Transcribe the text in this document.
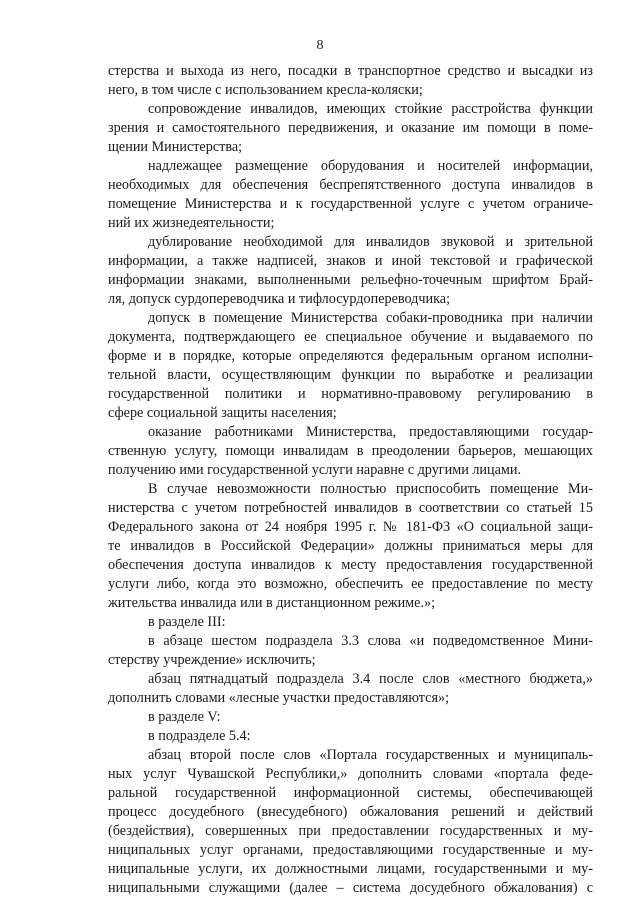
8
стерства и выхода из него, посадки в транспортное средство и высадки из
него, в том числе с использованием кресла-коляски;
сопровождение инвалидов, имеющих стойкие расстройства функции
зрения и самостоятельного передвижения, и оказание им помощи в поме-
щении Министерства;
надлежащее размещение оборудования и носителей информации,
необходимых для обеспечения беспрепятственного доступа инвалидов в
помещение Министерства и к государственной услуге с учетом ограниче-
ний их жизнедеятельности;
дублирование необходимой для инвалидов звуковой и зрительной
информации, а также надписей, знаков и иной текстовой и графической
информации знаками, выполненными рельефно-точечным шрифтом Брай-
ля, допуск сурдопереводчика и тифлосурдопереводчика;
допуск в помещение Министерства собаки-проводника при наличии
документа, подтверждающего ее специальное обучение и выдаваемого по
форме и в порядке, которые определяются федеральным органом исполни-
тельной власти, осуществляющим функции по выработке и реализации
государственной политики и нормативно-правовому регулированию в
сфере социальной защиты населения;
оказание работниками Министерства, предоставляющими государ-
ственную услугу, помощи инвалидам в преодолении барьеров, мешающих
получению ими государственной услуги наравне с другими лицами.
В случае невозможности полностью приспособить помещение Ми-
нистерства с учетом потребностей инвалидов в соответствии со статьей 15
Федерального закона от 24 ноября 1995 г. № 181-ФЗ «О социальной защи-
те инвалидов в Российской Федерации» должны приниматься меры для
обеспечения доступа инвалидов к месту предоставления государственной
услуги либо, когда это возможно, обеспечить ее предоставление по месту
жительства инвалида или в дистанционном режиме.»;
в разделе III:
в абзаце шестом подраздела 3.3 слова «и подведомственное Мини-
стерству учреждение» исключить;
абзац пятнадцатый подраздела 3.4 после слов «местного бюджета,»
дополнить словами «лесные участки предоставляются»;
в разделе V:
в подразделе 5.4:
абзац второй после слов «Портала государственных и муниципаль-
ных услуг Чувашской Республики,» дополнить словами «портала феде-
ральной государственной информационной системы, обеспечивающей
процесс досудебного (внесудебного) обжалования решений и действий
(бездействия), совершенных при предоставлении государственных и му-
ниципальных услуг органами, предоставляющими государственные и му-
ниципальные услуги, их должностными лицами, государственными и му-
ниципальными служащими (далее – система досудебного обжалования) с
